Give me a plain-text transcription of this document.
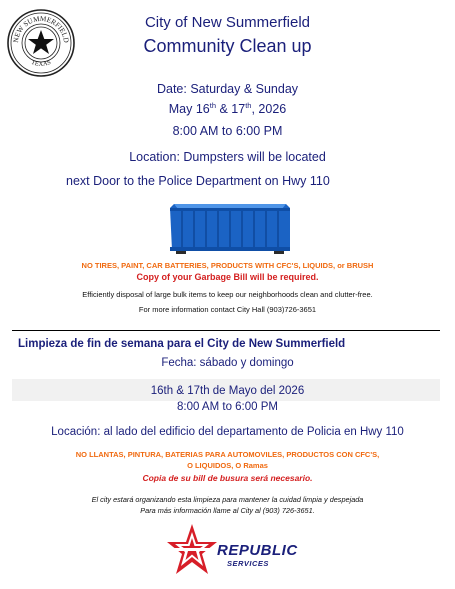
NEW SUMMERFIELD
TEXAS
City of New Summerfield
Community Clean up
Date: Saturday & Sunday
May 16th & 17th, 2026
8:00 AM to 6:00 PM
Location: Dumpsters will be located
next Door to the Police Department on Hwy 110
NO TIRES, PAINT, CAR BATTERIES, PRODUCTS WITH CFC'S, LIQUIDS, or BRUSH
Copy of your Garbage Bill will be required.
Efficiently disposal of large bulk items to keep our neighborhoods clean and clutter-free.
For more information contact City Hall (903)726-3651
Limpieza de fin de semana para el City de New Summerfield
Fecha: sábado y domingo
16th & 17th de Mayo del 2026
8:00 AM to 6:00 PM
Locación: al lado del edificio del departamento de Policia en Hwy 110
NO LLANTAS, PINTURA, BATERIAS PARA AUTOMOVILES, PRODUCTOS CON CFC'S,
O LIQUIDOS, O Ramas
Copia de su bill de busura será necesario.
El city estará organizando esta limpieza para mantener la cuidad limpia y despejada
Para más información llame al City al (903) 726-3651.
REPUBLIC
SERVICES
